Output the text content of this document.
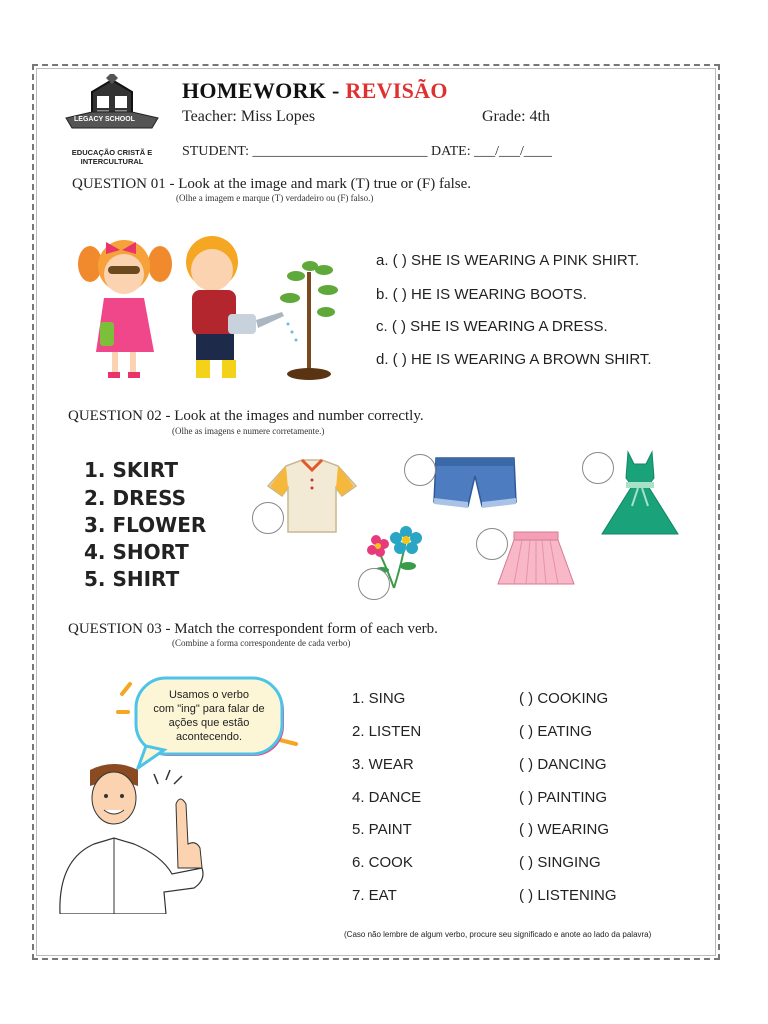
LEGACY SCHOOL
EDUCAÇÃO CRISTÃ E
INTERCULTURAL
HOMEWORK - REVISÃO
Teacher: Miss Lopes	Grade: 4th
STUDENT: _________________________ DATE: ___/___/____
QUESTION 01 - Look at the image and mark (T) true or (F) false.
(Olhe a imagem e marque (T) verdadeiro ou (F) falso.)
a. ( ) SHE IS WEARING A PINK SHIRT.
b. ( ) HE IS WEARING BOOTS.
c. ( ) SHE IS WEARING A DRESS.
d. ( ) HE IS WEARING A BROWN SHIRT.
QUESTION 02 - Look at the images and number correctly.
(Olhe as imagens e numere corretamente.)
1. SKIRT
2. DRESS
3. FLOWER
4. SHORT
5. SHIRT
QUESTION 03 - Match the correspondent form of each verb.
(Combine a forma correspondente de cada verbo)
Usamos o verbo
com "ing" para falar de
ações que estão
acontecendo.
1. SING
2. LISTEN
3. WEAR
4. DANCE
5. PAINT
6. COOK
7. EAT
( ) COOKING
( ) EATING
( ) DANCING
( ) PAINTING
( ) WEARING
( ) SINGING
( ) LISTENING
(Caso não lembre de algum verbo, procure seu significado e anote ao lado da palavra)
